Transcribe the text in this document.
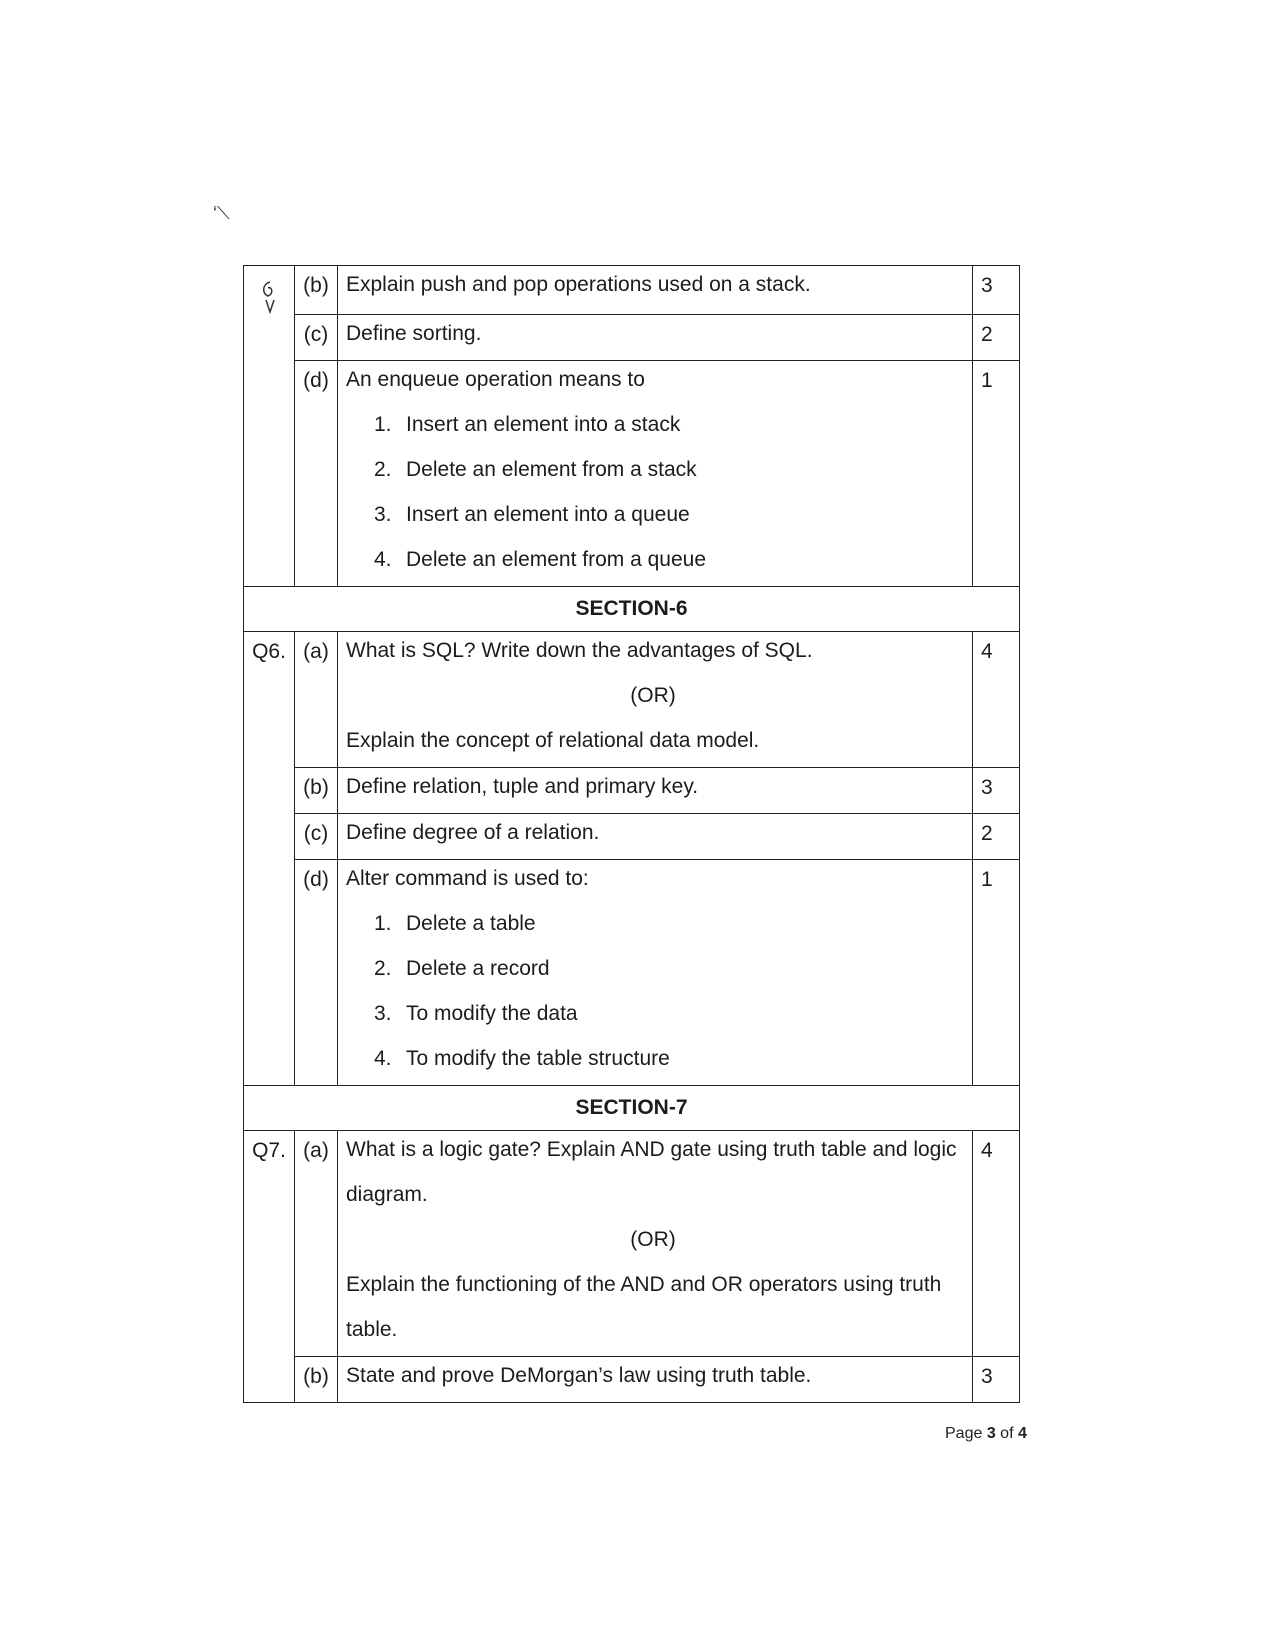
‘⟍
	(b)	Explain push and pop operations used on a stack.	3
	(c)	Define sorting.	2
	(d)	An enqueue operation means to
1. Insert an element into a stack
2. Delete an element from a stack
3. Insert an element into a queue
4. Delete an element from a queue	1
SECTION-6			
Q6.	(a)	What is SQL? Write down the advantages of SQL.
(OR)
Explain the concept of relational data model.	4
	(b)	Define relation, tuple and primary key.	3
	(c)	Define degree of a relation.	2
	(d)	Alter command is used to:
1. Delete a table
2. Delete a record
3. To modify the data
4. To modify the table structure	1
SECTION-7			
Q7.	(a)	What is a logic gate? Explain AND gate using truth table and logic
diagram.
(OR)
Explain the functioning of the AND and OR operators using truth
table.	4
	(b)	State and prove DeMorgan’s law using truth table.	3
Page 3 of 4
